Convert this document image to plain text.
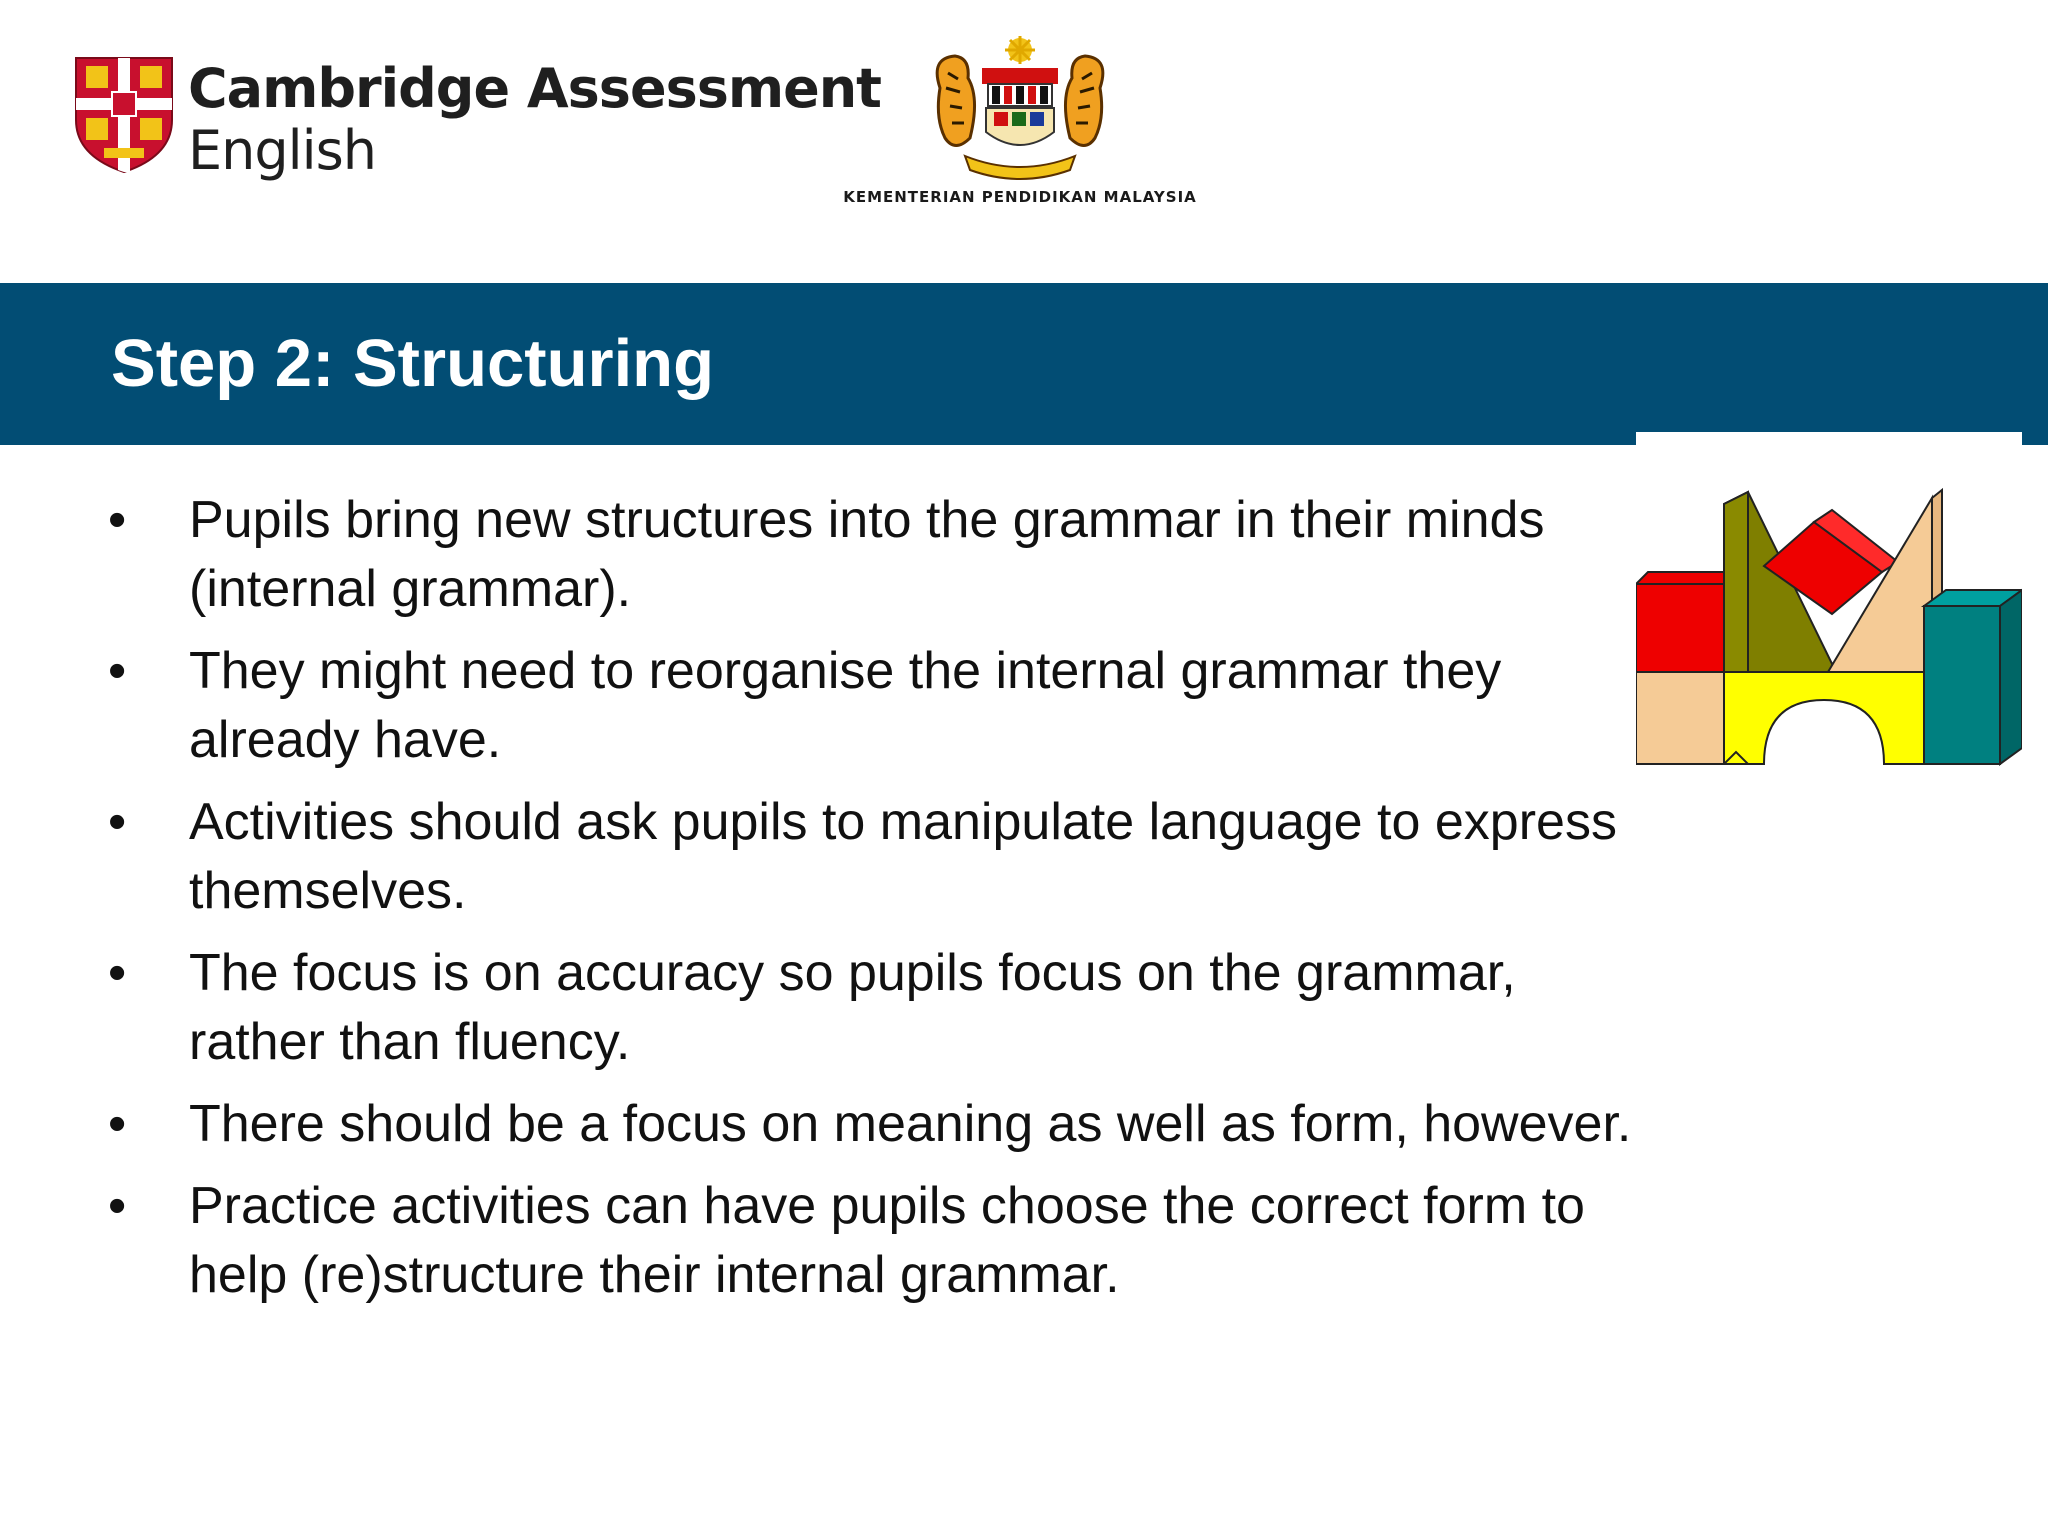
Cambridge Assessment
English
KEMENTERIAN PENDIDIKAN MALAYSIA
Step 2: Structuring
• Pupils bring new structures into the grammar in their minds (internal grammar).
• They might need to reorganise the internal grammar they already have.
• Activities should ask pupils to manipulate language to express themselves.
• The focus is on accuracy so pupils focus on the grammar, rather than fluency.
• There should be a focus on meaning as well as form, however.
• Practice activities can have pupils choose the correct form to help (re)structure their internal grammar.
